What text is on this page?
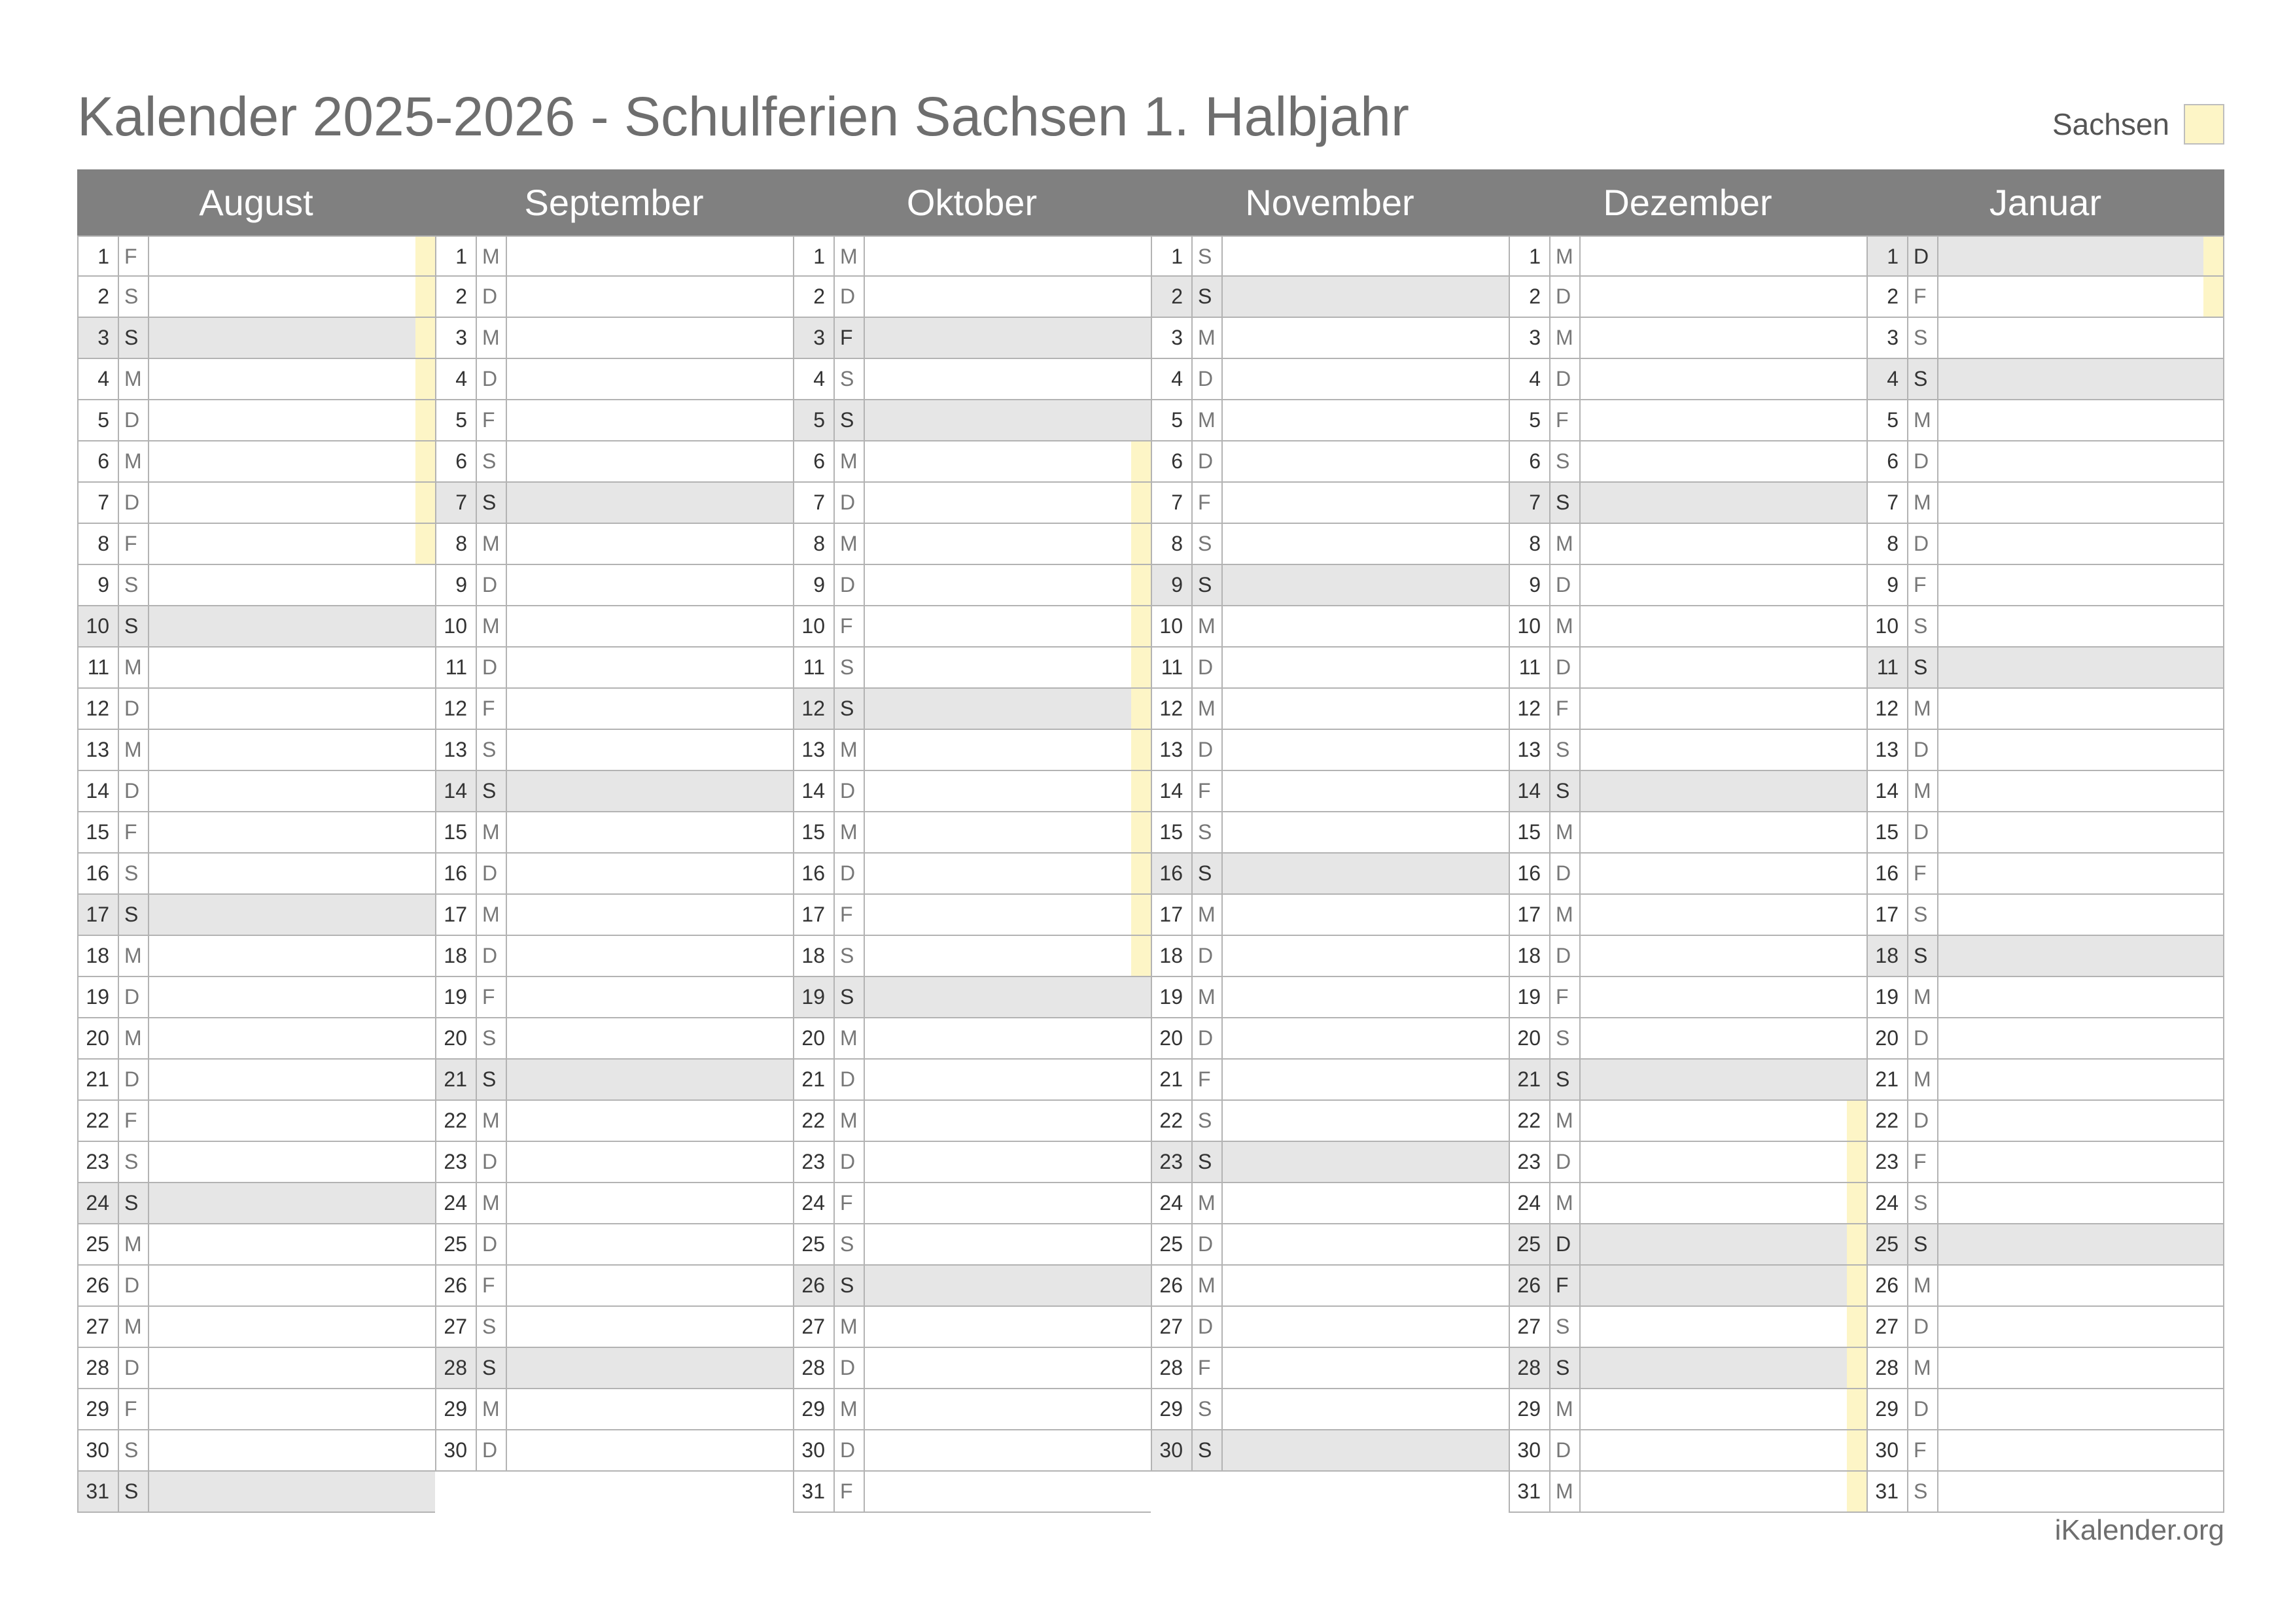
Kalender 2025-2026 - Schulferien Sachsen 1. Halbjahr	Sachsen
August
1 F
2 S
3 S
4 M
5 D
6 M
7 D
8 F
9 S
10 S
11 M
12 D
13 M
14 D
15 F
16 S
17 S
18 M
19 D
20 M
21 D
22 F
23 S
24 S
25 M
26 D
27 M
28 D
29 F
30 S
31 S
September
1 M
2 D
3 M
4 D
5 F
6 S
7 S
8 M
9 D
10 M
11 D
12 F
13 S
14 S
15 M
16 D
17 M
18 D
19 F
20 S
21 S
22 M
23 D
24 M
25 D
26 F
27 S
28 S
29 M
30 D
Oktober
1 M
2 D
3 F
4 S
5 S
6 M
7 D
8 M
9 D
10 F
11 S
12 S
13 M
14 D
15 M
16 D
17 F
18 S
19 S
20 M
21 D
22 M
23 D
24 F
25 S
26 S
27 M
28 D
29 M
30 D
31 F
November
1 S
2 S
3 M
4 D
5 M
6 D
7 F
8 S
9 S
10 M
11 D
12 M
13 D
14 F
15 S
16 S
17 M
18 D
19 M
20 D
21 F
22 S
23 S
24 M
25 D
26 M
27 D
28 F
29 S
30 S
Dezember
1 M
2 D
3 M
4 D
5 F
6 S
7 S
8 M
9 D
10 M
11 D
12 F
13 S
14 S
15 M
16 D
17 M
18 D
19 F
20 S
21 S
22 M
23 D
24 M
25 D
26 F
27 S
28 S
29 M
30 D
31 M
Januar
1 D
2 F
3 S
4 S
5 M
6 D
7 M
8 D
9 F
10 S
11 S
12 M
13 D
14 M
15 D
16 F
17 S
18 S
19 M
20 D
21 M
22 D
23 F
24 S
25 S
26 M
27 D
28 M
29 D
30 F
31 S
iKalender.org
